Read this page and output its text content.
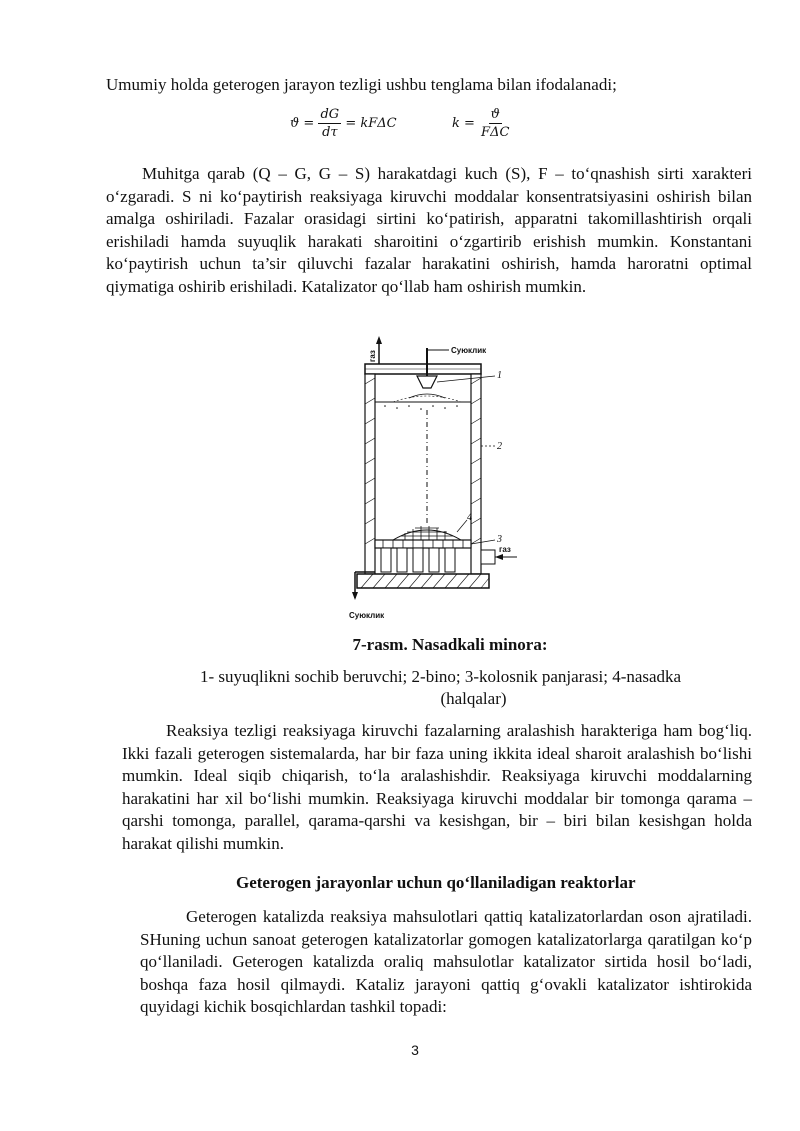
Umumiy holda geterogen jarayon tezligi ushbu tenglama bilan ifodalanadi;

$ϑ = \frac{dG}{d\tau} = kF\Delta C$	$k = \frac{ϑ}{\text{FΔC}}$

Muhitga qarab (Q – G, G – S) harakatdagi kuch (S), F – to‘qnashish sirti xarakteri o‘zgaradi. S ni ko‘paytirish reaksiyaga kiruvchi moddalar konsentratsiyasini oshirish bilan amalga oshiriladi. Fazalar orasidagi sirtini ko‘patirish, apparatni takomillashtirish orqali erishiladi hamda suyuqlik harakati sharoitini o‘zgartirib erishish mumkin. Konstantani ko‘paytirish uchun ta’sir qiluvchi fazalar harakatini oshirish, hamda haroratni optimal qiymatiga oshirib erishiladi. Katalizator qo‘llab ham oshirish mumkin.

газ	Суюклик
1
2
4
3
газ
Суюклик

7-rasm. Nasadkali minora:

1- suyuqlikni sochib beruvchi; 2-bino; 3-kolosnik panjarasi; 4-nasadka
(halqalar)

Reaksiya tezligi reaksiyaga kiruvchi fazalarning aralashish harakteriga ham bog‘liq. Ikki fazali geterogen sistemalarda, har bir faza uning ikkita ideal sharoit aralashish bo‘lishi mumkin. Ideal siqib chiqarish, to‘la aralashishdir. Reaksiyaga kiruvchi moddalarning harakatini har xil bo‘lishi mumkin. Reaksiyaga kiruvchi moddalar bir tomonga qarama – qarshi tomonga, parallel, qarama-qarshi va kesishgan, bir – biri bilan kesishgan holda harakat qilishi mumkin.

Geterogen jarayonlar uchun qo‘llaniladigan reaktorlar

Geterogen katalizda reaksiya mahsulotlari qattiq katalizatorlardan oson ajratiladi. SHuning uchun sanoat geterogen katalizatorlar gomogen katalizatorlarga qaratilgan ko‘p qo‘llaniladi. Geterogen katalizda oraliq mahsulotlar katalizator sirtida hosil bo‘ladi, boshqa faza hosil qilmaydi. Kataliz jarayoni qattiq g‘ovakli katalizator ishtirokida quyidagi kichik bosqichlardan tashkil topadi:

3
